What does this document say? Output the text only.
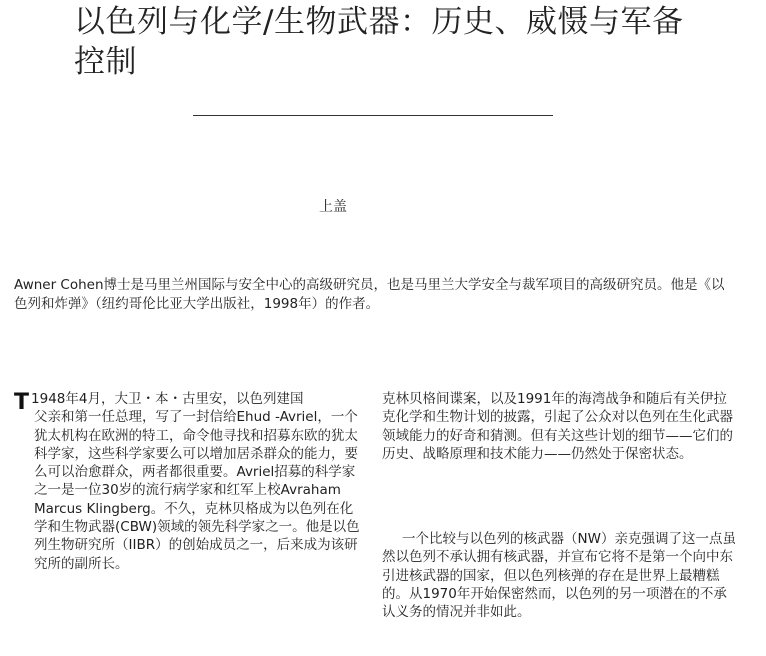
以色列与化学/生物武器：历史、威慑与军备控制
上盖

Awner Cohen博士是马里兰州国际与安全中心的高级研究员，也是马里兰大学安全与裁军项目的高级研究员。他是《以色列和炸弹》（纽约哥伦比亚大学出版社，1998年）的作者。

T 1948年4月，大卫・本・古里安，以色列建国
父亲和第一任总理，写了一封信给Ehud -Avriel，一个犹太机构在欧洲的特工，命令他寻找和招募东欧的犹太科学家，这些科学家要么可以增加居杀群众的能力，要么可以治愈群众，两者都很重要。Avriel招募的科学家之一是一位30岁的流行病学家和红军上校Avraham Marcus Klingberg。不久，克林贝格成为以色列在化学和生物武器(CBW)领域的领先科学家之一。他是以色列生物研究所（IIBR）的创始成员之一，后来成为该研究所的副所长。

克林贝格间谍案，以及1991年的海湾战争和随后有关伊拉克化学和生物计划的披露，引起了公众对以色列在生化武器领域能力的好奇和猜测。但有关这些计划的细节——它们的历史、战略原理和技术能力——仍然处于保密状态。

一个比较与以色列的核武器（NW）亲克强调了这一点虽然以色列不承认拥有核武器，并宣布它将不是第一个向中东引进核武器的国家，但以色列核弹的存在是世界上最糟糕的。从1970年开始保密然而，以色列的另一项潜在的不承认义务的情况并非如此。
